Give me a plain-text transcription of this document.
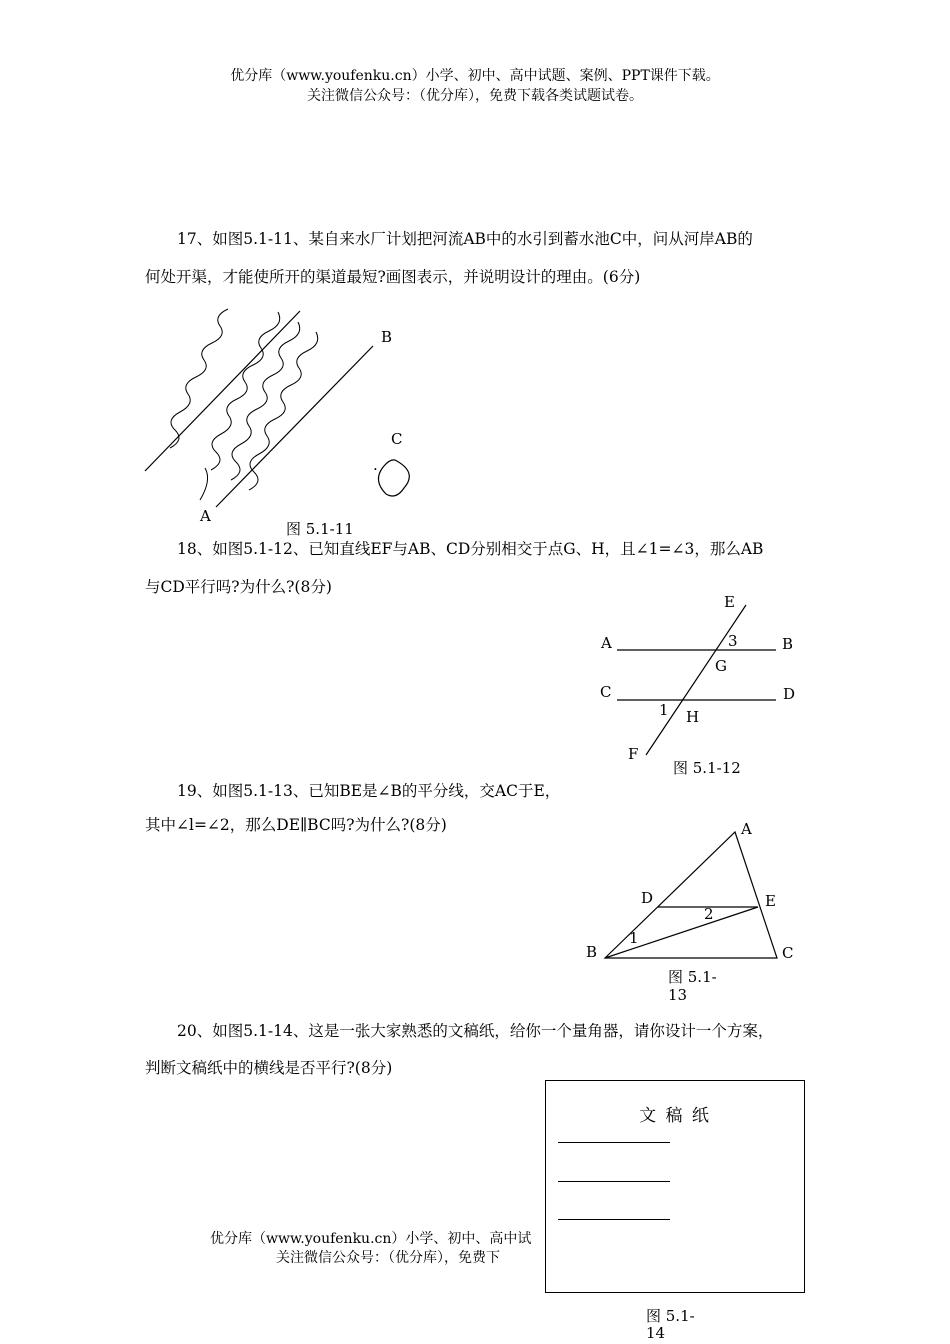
优分库（www.youfenku.cn）小学、初中、高中试题、案例、PPT课件下载。
关注微信公众号：（优分库），免费下载各类试题试卷。
17、如图5.1-11、某自来水厂计划把河流AB中的水引到蓄水池C中，问从河岸AB的
何处开渠，才能使所开的渠道最短?画图表示，并说明设计的理由。(6分)
B
C
.
A
图 5.1-11
18、如图5.1-12、已知直线EF与AB、CD分别相交于点G、H，且∠1=∠3，那么AB
与CD平行吗?为什么?(8分)
E
A	3	B
G
C	D
1 H
F
图 5.1-12
19、如图5.1-13、已知BE是∠B的平分线，交AC于E，
其中∠l=∠2，那么DE∥BC吗?为什么?(8分)	A
D	E
2
1
B	C
图 5.1-
13
20、如图5.1-14、这是一张大家熟悉的文稿纸，给你一个量角器，请你设计一个方案，
判断文稿纸中的横线是否平行?(8分)
优分库（www.youfenku.cn）小学、初中、高中试
关注微信公众号：（优分库），免费下
文 稿 纸
图 5.1-
14
